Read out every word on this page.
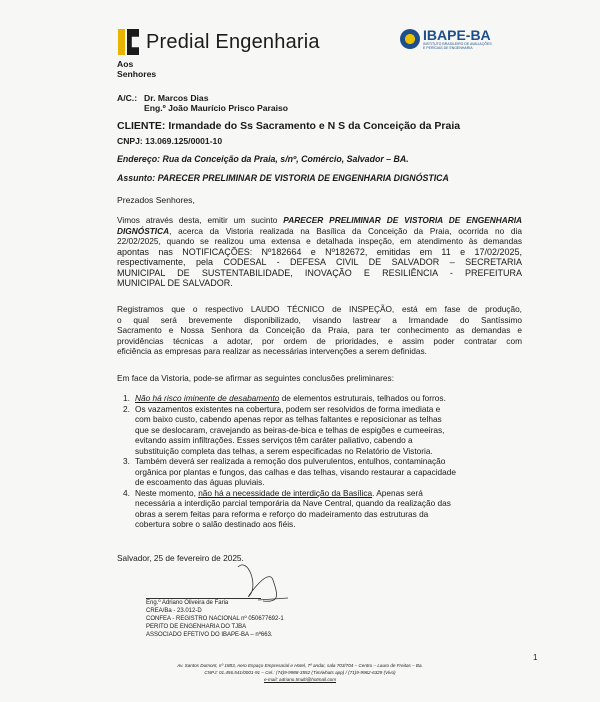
Predial Engenharia	IBAPE-BA
INSTITUTO BRASILEIRO DE AVALIAÇÕES E PERÍCIAS DE ENGENHARIA
Aos
Senhores
A/C.: Dr. Marcos Dias
Eng.º João Maurício Prisco Paraiso
CLIENTE: Irmandade do Ss Sacramento e N S da Conceição da Praia
CNPJ: 13.069.125/0001-10
Endereço: Rua da Conceição da Praia, s/nº, Comércio, Salvador – BA.
Assunto: PARECER PRELIMINAR DE VISTORIA DE ENGENHARIA DIGNÓSTICA
Prezados Senhores,
Vimos através desta, emitir um sucinto PARECER PRELIMINAR DE VISTORIA DE ENGENHARIA
DIGNÓSTICA, acerca da Vistoria realizada na Basílica da Conceição da Praia, ocorrida no dia
22/02/2025, quando se realizou uma extensa e detalhada inspeção, em atendimento às demandas
apontas nas NOTIFICAÇÕES: Nº182664 e Nº182672, emitidas em 11 e 17/02/2025,
respectivamente, pela CODESAL - DEFESA CIVIL DE SALVADOR – SECRETARIA
MUNICIPAL DE SUSTENTABILIDADE, INOVAÇÃO E RESILIÊNCIA - PREFEITURA
MUNICIPAL DE SALVADOR.
Registramos que o respectivo LAUDO TÉCNICO de INSPEÇÃO, está em fase de produção,
o qual será brevemente disponibilizado, visando lastrear a Irmandade do Santíssimo
Sacramento e Nossa Senhora da Conceição da Praia, para ter conhecimento as demandas e
providências técnicas a adotar, por ordem de prioridades, e assim poder contratar com
eficiência as empresas para realizar as necessárias intervenções a serem definidas.
Em face da Vistoria, pode-se afirmar as seguintes conclusões preliminares:
1. Não há risco iminente de desabamento de elementos estruturais, telhados ou forros.
2. Os vazamentos existentes na cobertura, podem ser resolvidos de forma imediata e
com baixo custo, cabendo apenas repor as telhas faltantes e reposicionar as telhas
que se deslocaram, cravejando as beiras-de-bica e telhas de espigões e cumeeiras,
evitando assim infiltrações. Esses serviços têm caráter paliativo, cabendo a
substituição completa das telhas, a serem especificadas no Relatório de Vistoria.
3. Também deverá ser realizada a remoção dos pulverulentos, entulhos, contaminação
orgânica por plantas e fungos, das calhas e das telhas, visando restaurar a capacidade
de escoamento das águas pluviais.
4. Neste momento, não há a necessidade de interdição da Basílica. Apenas será
necessária a interdição parcial temporária da Nave Central, quando da realização das
obras a serem feitas para reforma e reforço do madeiramento das estruturas da
cobertura sobre o salão destinado aos fiéis.
Salvador, 25 de fevereiro de 2025.
Eng.º Adriano Oliveira de Faria
CREA/Ba - 23.012-D
CONFEA - REGISTRO NACIONAL nº 050677692-1
PERITO DE ENGENHARIA DO TJBA
ASSOCIADO EFETIVO DO IBAPE-BA – nº663.
Av. Santos Dumont, nº 1883, Aero Espaço Empresarial e Hotel, 7º andar, sala 703/704 – Centro – Lauro de Freitas – Ba.
CNPJ: 01.456.541/0001-91 – Cel.: (74)9-9988-3552 (Tim/whats app) / (71)9-9962-6329 (Vivo)
e-mail: adriano.tmulti@hotmail.com
1
